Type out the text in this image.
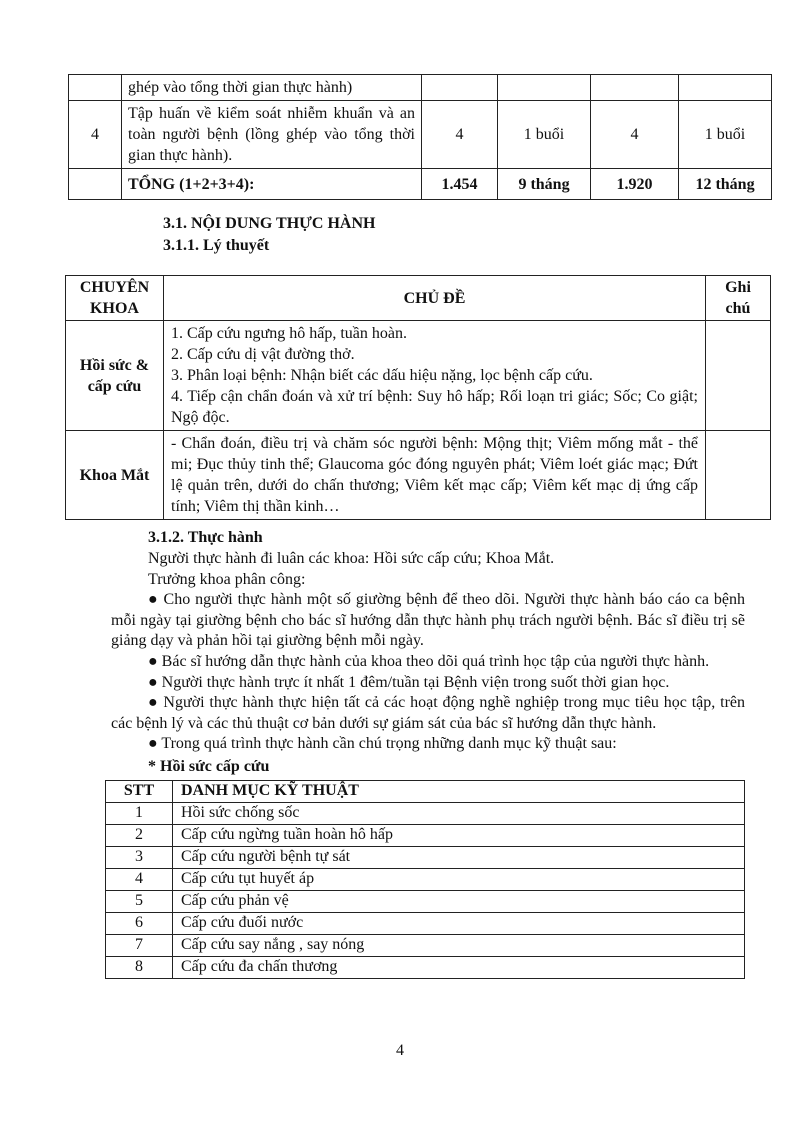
	ghép vào tổng thời gian thực hành)				
4	Tập huấn về kiểm soát nhiễm khuẩn và an toàn người bệnh (lồng ghép vào tổng thời gian thực hành).	4	1 buổi	4	1 buổi
	TỔNG (1+2+3+4):	1.454	9 tháng	1.920	12 tháng
3.1. NỘI DUNG THỰC HÀNH
3.1.1. Lý thuyết
CHUYÊN KHOA	CHỦ ĐỀ	Ghi chú
Hồi sức & cấp cứu	1. Cấp cứu ngưng hô hấp, tuần hoàn.
2. Cấp cứu dị vật đường thở.
3. Phân loại bệnh: Nhận biết các dấu hiệu nặng, lọc bệnh cấp cứu.
4. Tiếp cận chẩn đoán và xử trí bệnh: Suy hô hấp; Rối loạn tri giác; Sốc; Co giật; Ngộ độc.	

Khoa Mắt	- Chẩn đoán, điều trị và chăm sóc người bệnh: Mộng thịt; Viêm mống mắt - thể mi; Đục thủy tinh thể; Glaucoma góc đóng nguyên phát; Viêm loét giác mạc; Đứt lệ quản trên, dưới do chấn thương; Viêm kết mạc cấp; Viêm kết mạc dị ứng cấp tính; Viêm thị thần kinh…	

3.1.2. Thực hành

Người thực hành đi luân các khoa: Hồi sức cấp cứu; Khoa Mắt.

Trưởng khoa phân công:

● Cho người thực hành một số giường bệnh để theo dõi. Người thực hành báo cáo ca bệnh mỗi ngày tại giường bệnh cho bác sĩ hướng dẫn thực hành phụ trách người bệnh. Bác sĩ điều trị sẽ giảng dạy và phản hồi tại giường bệnh mỗi ngày.

● Bác sĩ hướng dẫn thực hành của khoa theo dõi quá trình học tập của người thực hành.

● Người thực hành trực ít nhất 1 đêm/tuần tại Bệnh viện trong suốt thời gian học.

● Người thực hành thực hiện tất cả các hoạt động nghề nghiệp trong mục tiêu học tập, trên các bệnh lý và các thủ thuật cơ bản dưới sự giám sát của bác sĩ hướng dẫn thực hành.

● Trong quá trình thực hành cần chú trọng những danh mục kỹ thuật sau:

* Hồi sức cấp cứu
STT	DANH MỤC KỸ THUẬT
1	Hồi sức chống sốc
2	Cấp cứu ngừng tuần hoàn hô hấp
3	Cấp cứu người bệnh tự sát
4	Cấp cứu tụt huyết áp
5	Cấp cứu phản vệ
6	Cấp cứu đuối nước
7	Cấp cứu say nắng , say nóng
8	Cấp cứu đa chấn thương
4
